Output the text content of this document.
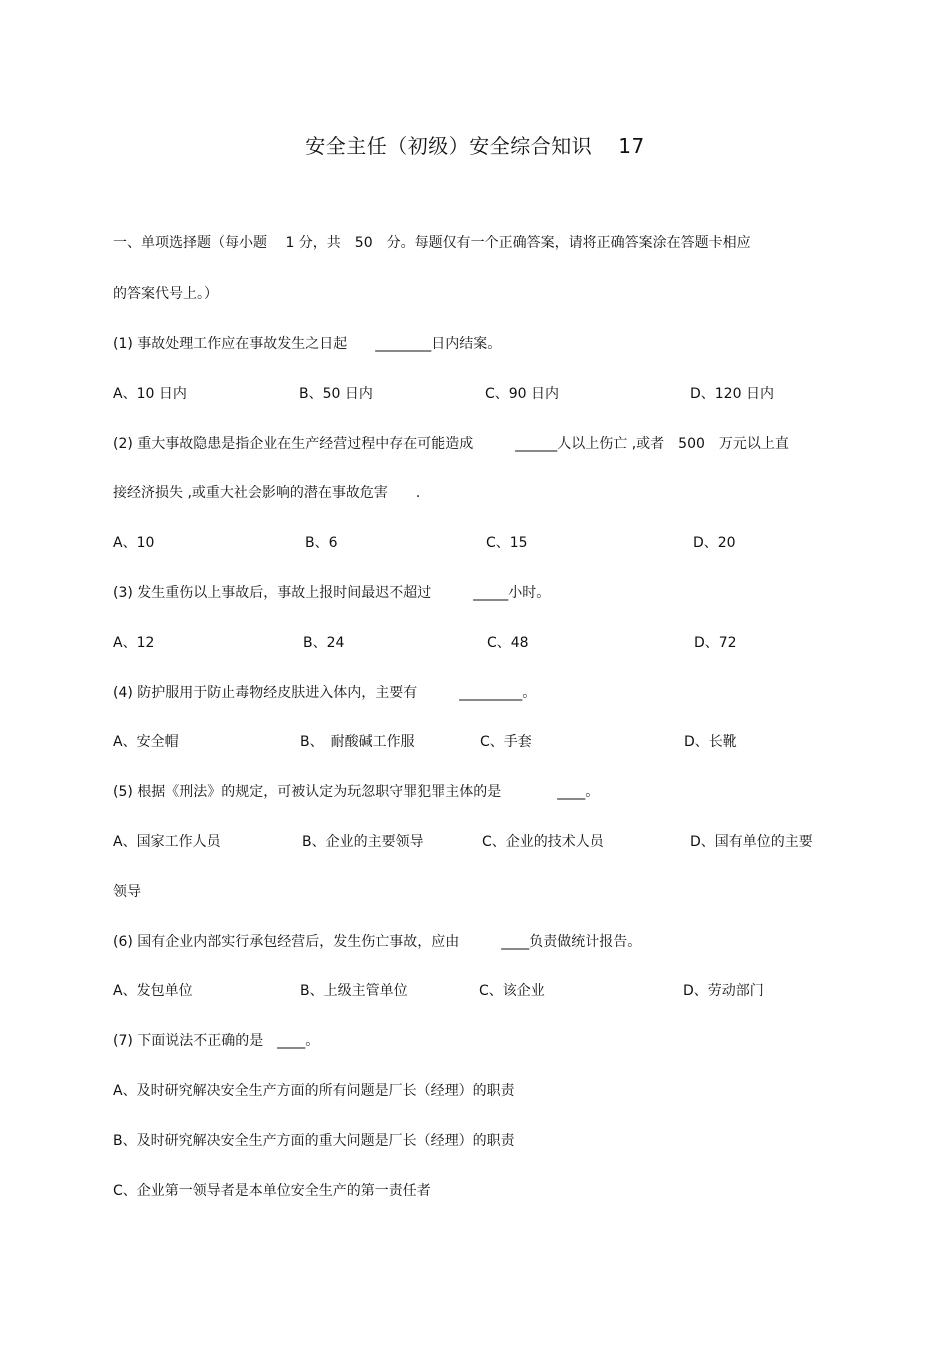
安全主任（初级）安全综合知识 17
一、单项选择题（每小题　 1 分，共　50　分。每题仅有一个正确答案，请将正确答案涂在答题卡相应
的答案代号上。）
(1) 事故处理工作应在事故发生之日起　　________日内结案。
A、10 日内	B、50 日内	C、90 日内	D、120 日内
(2) 重大事故隐患是指企业在生产经营过程中存在可能造成　　　______人以上伤亡 ,或者　500　万元以上直
接经济损失 ,或重大社会影响的潜在事故危害　　.
A、10	B、6	C、15	D、20
(3) 发生重伤以上事故后，事故上报时间最迟不超过　　　_____小时。
A、12	B、24	C、48	D、72
(4) 防护服用于防止毒物经皮肤进入体内，主要有　　　_________。
A、安全帽	B、　耐酸碱工作服	C、手套	D、长靴
(5) 根据《刑法》的规定，可被认定为玩忽职守罪犯罪主体的是　　　　____。
A、国家工作人员	B、企业的主要领导	C、企业的技术人员	D、国有单位的主要
领导
(6) 国有企业内部实行承包经营后，发生伤亡事故，应由　　　____负责做统计报告。
A、发包单位	B、上级主管单位	C、该企业	D、劳动部门
(7) 下面说法不正确的是　____。
A、及时研究解决安全生产方面的所有问题是厂长（经理）的职责
B、及时研究解决安全生产方面的重大问题是厂长（经理）的职责
C、企业第一领导者是本单位安全生产的第一责任者
